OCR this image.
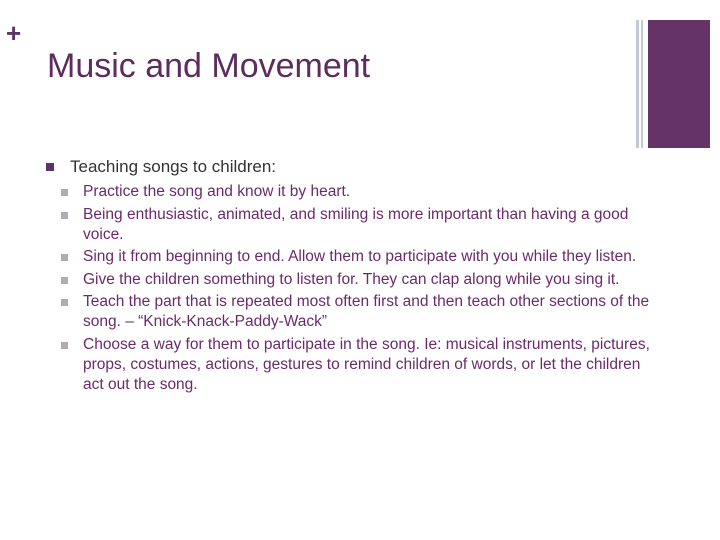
+
Music and Movement
Teaching songs to children:
Practice the song and know it by heart.
Being enthusiastic, animated, and smiling is more important than having a good voice.
Sing it from beginning to end. Allow them to participate with you while they listen.
Give the children something to listen for. They can clap along while you sing it.
Teach the part that is repeated most often first and then teach other sections of the song. – “Knick-Knack-Paddy-Wack”
Choose a way for them to participate in the song. Ie: musical instruments, pictures, props, costumes, actions, gestures to remind children of words, or let the children act out the song.
